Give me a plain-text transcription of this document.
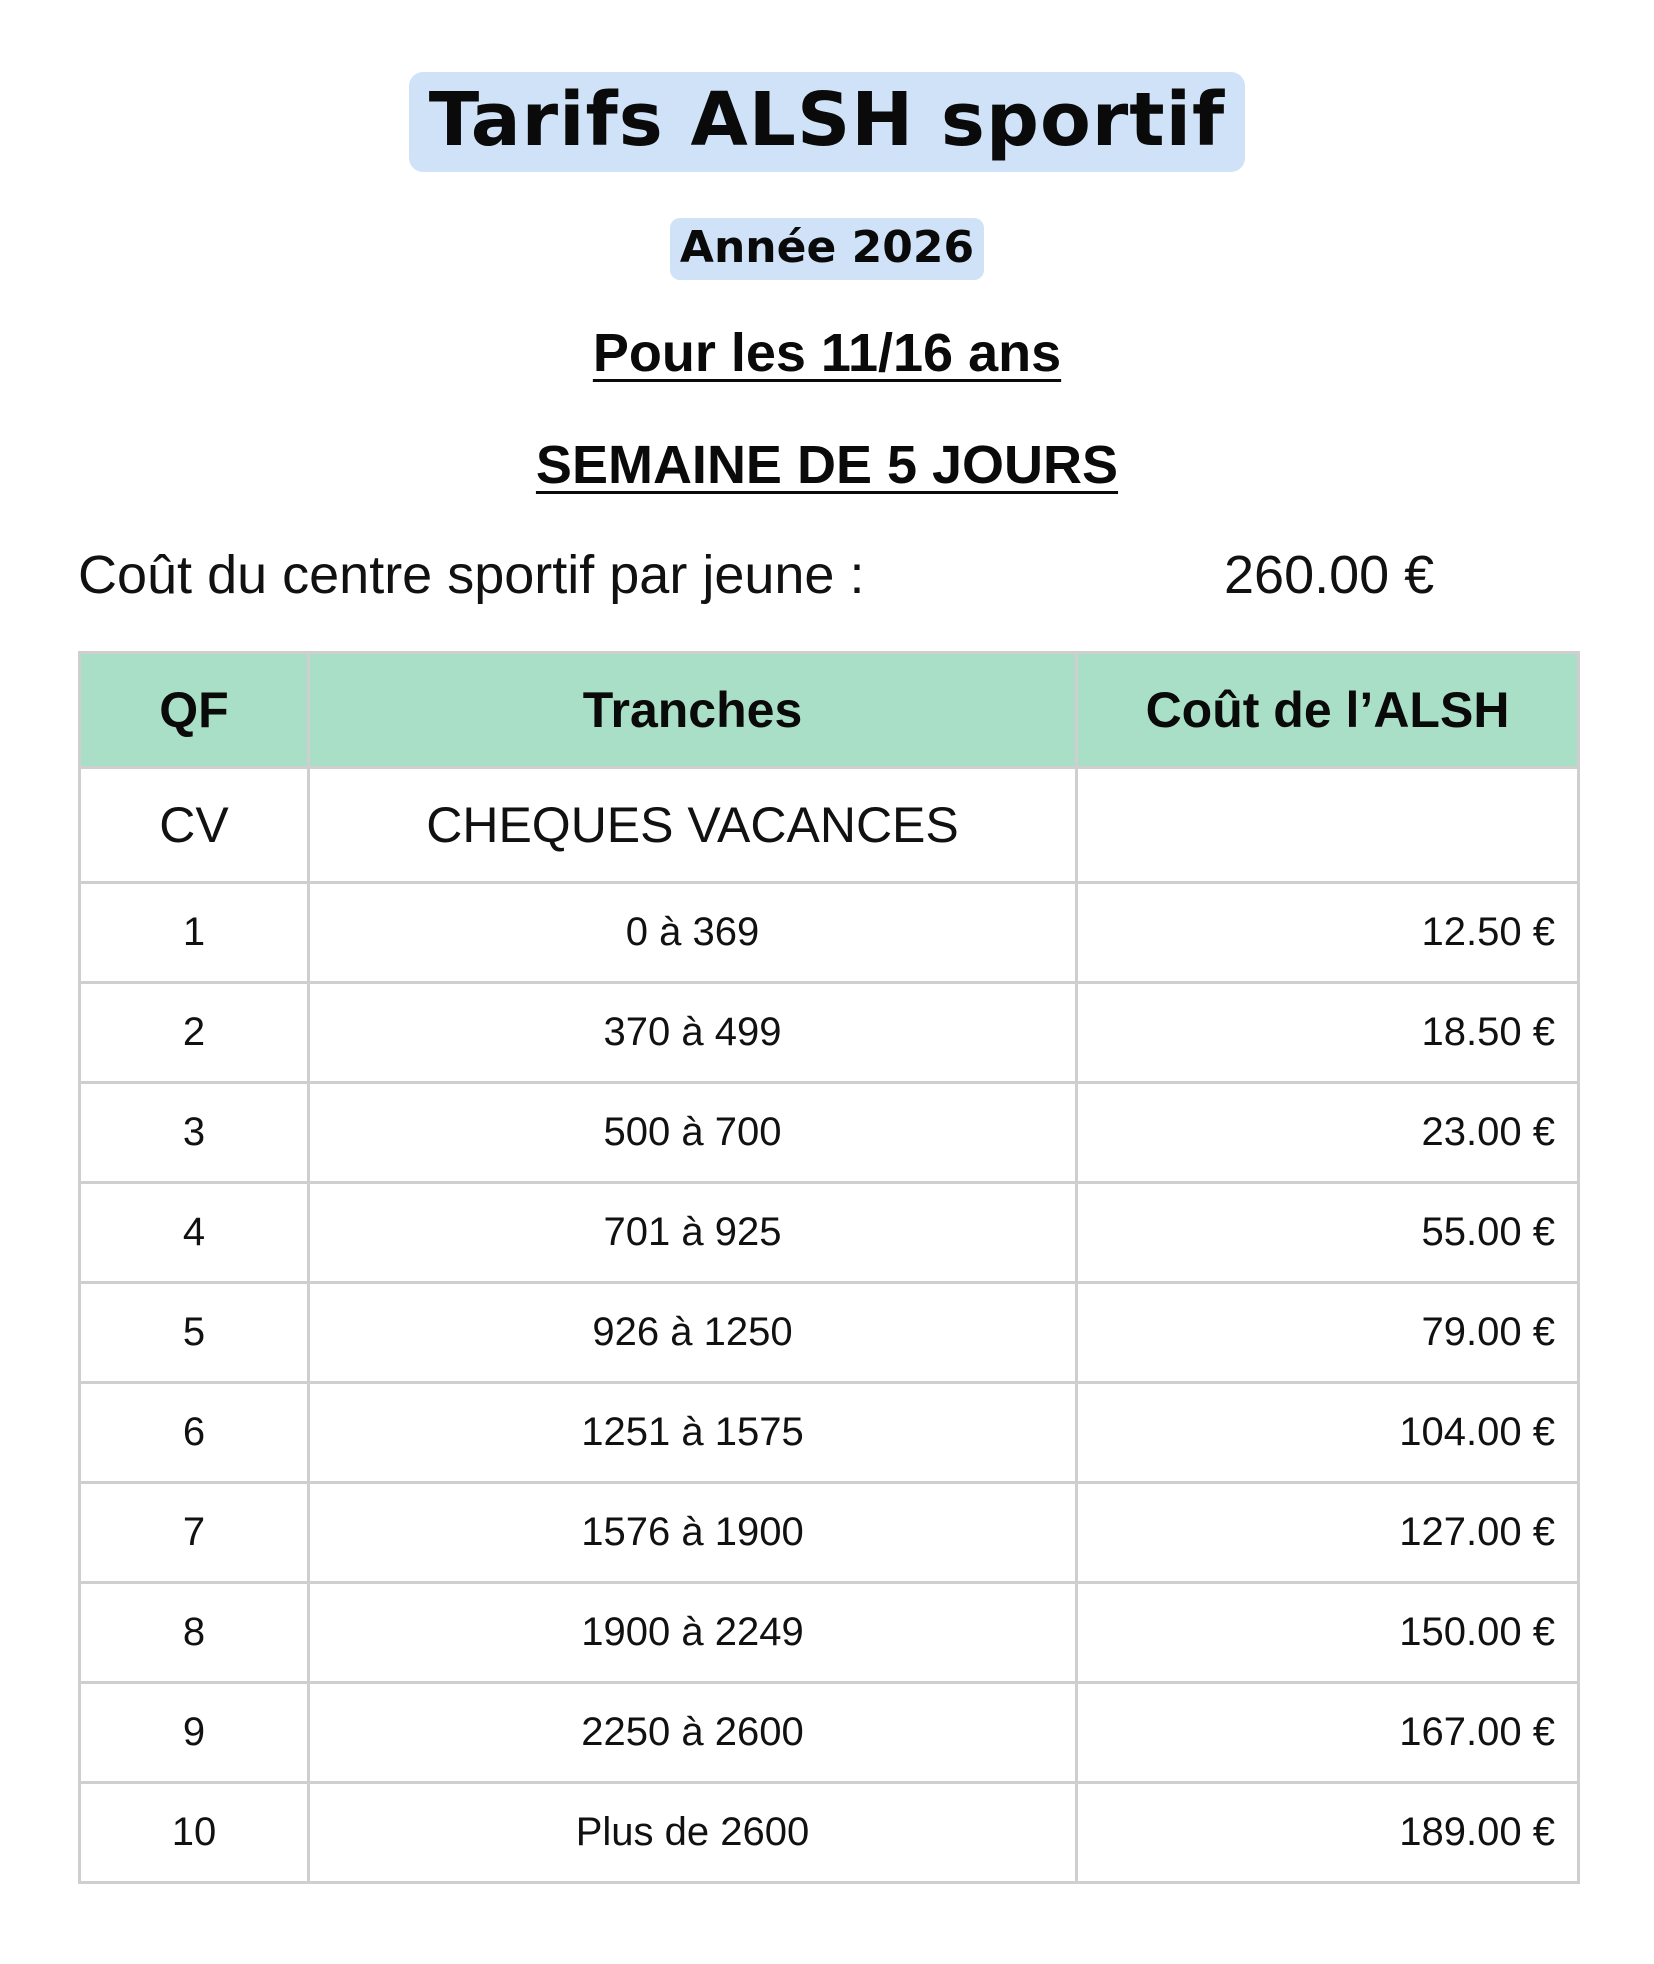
Tarifs ALSH sportif
Année 2026
Pour les 11/16 ans
SEMAINE DE 5 JOURS
Coût du centre sportif par jeune :	260.00 €
QF	Tranches	Coût de l’ALSH
CV	CHEQUES VACANCES	
1	0 à 369	12.50 €
2	370 à 499	18.50 €
3	500 à 700	23.00 €
4	701 à 925	55.00 €
5	926 à 1250	79.00 €
6	1251 à 1575	104.00 €
7	1576 à 1900	127.00 €
8	1900 à 2249	150.00 €
9	2250 à 2600	167.00 €
10	Plus de 2600	189.00 €
